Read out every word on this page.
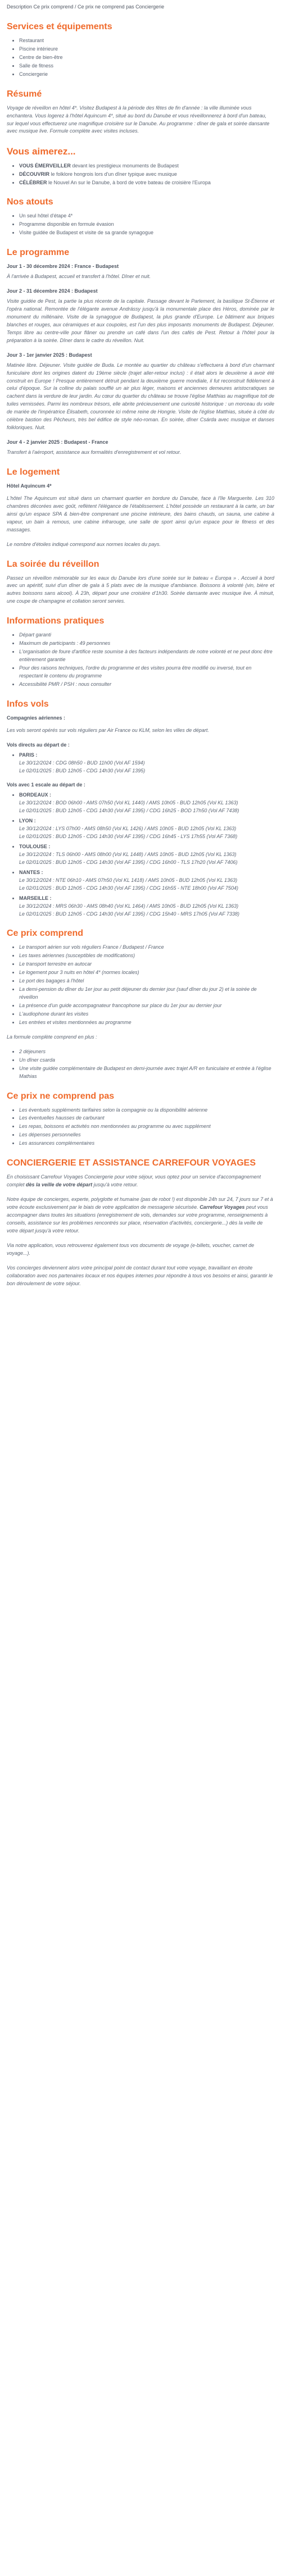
Description Ce prix comprend / Ce prix ne comprend pas Conciergerie
Services et équipements
• Restaurant
• Piscine intérieure
• Centre de bien-être
• Salle de fitness
• Conciergerie
Résumé

Voyage de réveillon en hôtel 4*. Visitez Budapest à la période des fêtes de fin d'année : la ville illuminée vous enchantera. Vous logerez à l'hôtel Aquincum 4*, situé au bord du Danube et vous réveillonnerez à bord d'un bateau, sur lequel vous effectuerez une magnifique croisière sur le Danube. Au programme : dîner de gala et soirée dansante avec musique live. Formule complète avec visites incluses.

Vous aimerez...
• VOUS ÉMERVEILLER devant les prestigieux monuments de Budapest
• DÉCOUVRIR le folklore hongrois lors d'un dîner typique avec musique
• CÉLÉBRER le Nouvel An sur le Danube, à bord de votre bateau de croisière l'Europa
Nos atouts
• Un seul hôtel d'étape 4*
• Programme disponible en formule évasion
• Visite guidée de Budapest et visite de sa grande synagogue
Le programme

Jour 1 - 30 décembre 2024 : France - Budapest

À l'arrivée à Budapest, accueil et transfert à l'hôtel. Dîner et nuit.

Jour 2 - 31 décembre 2024 : Budapest

Visite guidée de Pest, la partie la plus récente de la capitale. Passage devant le Parlement, la basilique St-Étienne et l'opéra national. Remontée de l'élégante avenue Andrássy jusqu'à la monumentale place des Héros, dominée par le monument du millénaire. Visite de la synagogue de Budapest, la plus grande d'Europe. Le bâtiment aux briques blanches et rouges, aux céramiques et aux coupoles, est l'un des plus imposants monuments de Budapest. Déjeuner. Temps libre au centre-ville pour flâner ou prendre un café dans l'un des cafés de Pest. Retour à l'hôtel pour la préparation à la soirée. Dîner dans le cadre du réveillon. Nuit.

Jour 3 - 1er janvier 2025 : Budapest

Matinée libre. Déjeuner. Visite guidée de Buda. Le montée au quartier du château s'effectuera à bord d'un charmant funiculaire dont les origines datent du 19ème siècle (trajet aller-retour inclus) : il était alors le deuxième à avoir été construit en Europe ! Presque entièrement détruit pendant la deuxième guerre mondiale, il fut reconstruit fidèlement à celui d'époque. Sur la colline du palais soufflé un air plus léger, maisons et anciennes demeures aristocratiques se cachent dans la verdure de leur jardin. Au cœur du quartier du château se trouve l'église Matthias au magnifique toit de tuiles vernissées. Parmi les nombreux trésors, elle abrite précieusement une curiosité historique : un morceau du voile de mariée de l'impératrice Élisabeth, couronnée ici même reine de Hongrie. Visite de l'église Matthias, située à côté du célèbre bastion des Pêcheurs, très bel édifice de style néo-roman. En soirée, dîner Csárda avec musique et danses folkloriques. Nuit.

Jour 4 - 2 janvier 2025 : Budapest - France

Transfert à l'aéroport, assistance aux formalités d'enregistrement et vol retour.

Le logement

Hôtel Aquincum 4*

L'hôtel The Aquincum est situé dans un charmant quartier en bordure du Danube, face à l'île Marguerite. Les 310 chambres décorées avec goût, reflètent l'élégance de l'établissement. L'hôtel possède un restaurant à la carte, un bar ainsi qu'un espace SPA & bien-être comprenant une piscine intérieure, des bains chauds, un sauna, une cabine à vapeur, un bain à remous, une cabine infrarouge, une salle de sport ainsi qu'un espace pour le fitness et des massages.

Le nombre d'étoiles indiqué correspond aux normes locales du pays.

La soirée du réveillon

Passez un réveillon mémorable sur les eaux du Danube lors d'une soirée sur le bateau « Europa » . Accueil à bord avec un apéritif, suivi d'un dîner de gala à 5 plats avec de la musique d'ambiance. Boissons à volonté (vin, bière et autres boissons sans alcool). À 23h, départ pour une croisière d'1h30. Soirée dansante avec musique live. À minuit, une coupe de champagne et collation seront servies.

Informations pratiques
• Départ garanti
• Maximum de participants : 49 personnes
• L'organisation de foure d'artifice reste soumise à des facteurs indépendants de notre volonté et ne peut donc être entièrement garantie
• Pour des raisons techniques, l'ordre du programme et des visites pourra être modifié ou inversé, tout en respectant le contenu du programme
• Accessibilité PMR / PSH : nous consulter
Infos vols

Compagnies aériennes :

Les vols seront opérés sur vols réguliers par Air France ou KLM, selon les villes de départ.

Vols directs au départ de :

• PARIS :
Le 30/12/2024 : CDG 08h50 - BUD 11h00 (Vol AF 1594)
Le 02/01/2025 : BUD 12h05 - CDG 14h30 (Vol AF 1395)

Vols avec 1 escale au départ de :

• BORDEAUX :
Le 30/12/2024 : BOD 06h00 - AMS 07h50 (Vol KL 1440) / AMS 10h05 - BUD 12h05 (Vol KL 1363)
Le 02/01/2025 : BUD 12h05 - CDG 14h30 (Vol AF 1395) / CDG 16h25 - BOD 17h50 (Vol AF 7438)
• LYON :
Le 30/12/2024 : LYS 07h00 - AMS 08h50 (Vol KL 1426) / AMS 10h05 - BUD 12h05 (Vol KL 1363)
Le 02/01/2025 : BUD 12h05 - CDG 14h30 (Vol AF 1395) / CDG 16h45 - LYS 17h55 (Vol AF 7368)
• TOULOUSE :
Le 30/12/2024 : TLS 06h00 - AMS 08h00 (Vol KL 1448) / AMS 10h05 - BUD 12h05 (Vol KL 1363)
Le 02/01/2025 : BUD 12h05 - CDG 14h30 (Vol AF 1395) / CDG 16h00 - TLS 17h20 (Vol AF 7406)
• NANTES :
Le 30/12/2024 : NTE 06h10 - AMS 07h50 (Vol KL 1418) / AMS 10h05 - BUD 12h05 (Vol KL 1363)
Le 02/01/2025 : BUD 12h05 - CDG 14h30 (Vol AF 1395) / CDG 16h55 - NTE 18h00 (Vol AF 7504)
• MARSEILLE :
Le 30/12/2024 : MRS 06h30 - AMS 08h40 (Vol KL 1464) / AMS 10h05 - BUD 12h05 (Vol KL 1363)
Le 02/01/2025 : BUD 12h05 - CDG 14h30 (Vol AF 1395) / CDG 15h40 - MRS 17h05 (Vol AF 7338)
Ce prix comprend
• Le transport aérien sur vols réguliers France / Budapest / France
• Les taxes aériennes (susceptibles de modifications)
• Le transport terrestre en autocar
• Le logement pour 3 nuits en hôtel 4* (normes locales)
• Le port des bagages à l'hôtel
• La demi-pension du dîner du 1er jour au petit déjeuner du dernier jour (sauf dîner du jour 2) et la soirée de réveillon
• La présence d'un guide accompagnateur francophone sur place du 1er jour au dernier jour
• L'audiophone durant les visites
• Les entrées et visites mentionnées au programme

La formule complète comprend en plus :

• 2 déjeuners
• Un dîner csarda
• Une visite guidée complémentaire de Budapest en demi-journée avec trajet A/R en funiculaire et entrée à l'église Mathias
Ce prix ne comprend pas
• Les éventuels suppléments tarifaires selon la compagnie ou la disponibilité aérienne
• Les éventuelles hausses de carburant
• Les repas, boissons et activités non mentionnées au programme ou avec supplément
• Les dépenses personnelles
• Les assurances complémentaires
CONCIERGERIE ET ASSISTANCE CARREFOUR VOYAGES

En choisissant Carrefour Voyages Conciergerie pour votre séjour, vous optez pour un service d'accompagnement complet dès la veille de votre départ jusqu'à votre retour.

Notre équipe de concierges, experte, polyglotte et humaine (pas de robot !) est disponible 24h sur 24, 7 jours sur 7 et à votre écoute exclusivement par le biais de votre application de messagerie sécurisée. Carrefour Voyages peut vous accompagner dans toutes les situations (enregistrement de vols, demandes sur votre programme, renseignements à conseils, assistance sur les problèmes rencontrés sur place, réservation d'activités, conciergerie...) dès la veille de votre départ jusqu'à votre retour.

Via notre application, vous retrouverez également tous vos documents de voyage (e-billets, voucher, carnet de voyage...).

Vos concierges deviennent alors votre principal point de contact durant tout votre voyage, travaillant en étroite collaboration avec nos partenaires locaux et nos équipes internes pour répondre à tous vos besoins et ainsi, garantir le bon déroulement de votre séjour.
